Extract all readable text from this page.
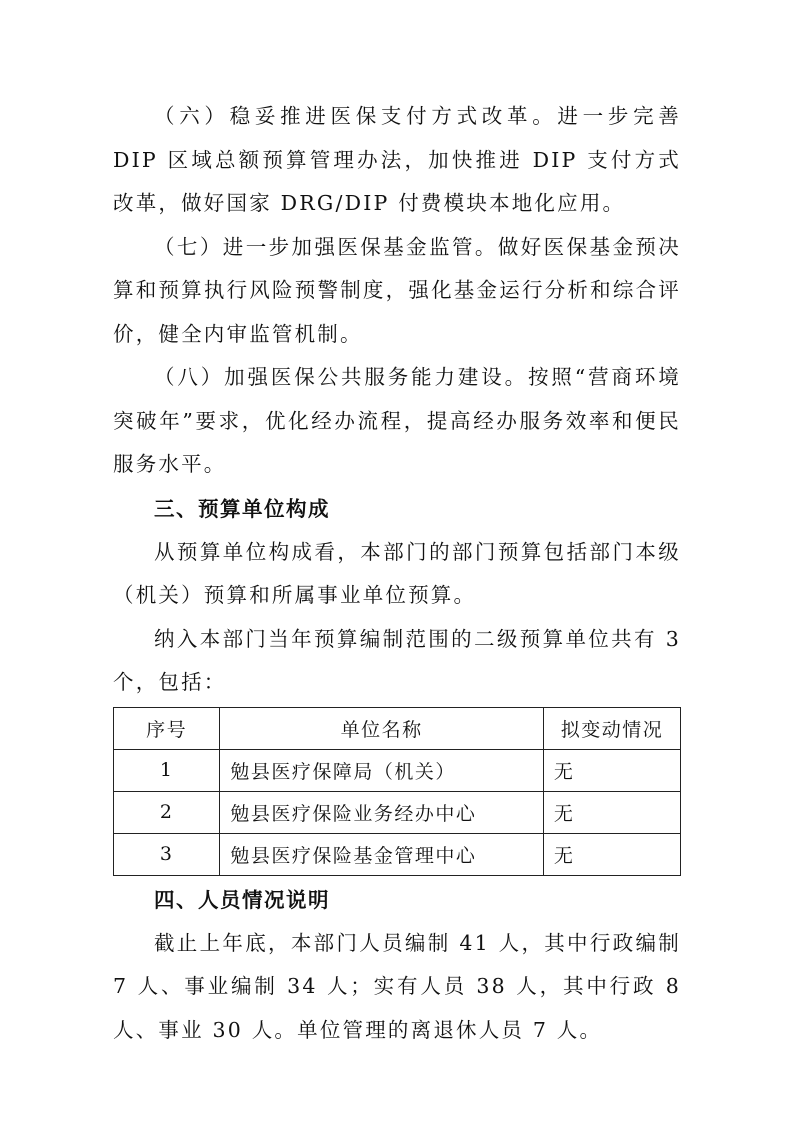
（六）稳妥推进医保支付方式改革。进一步完善 DIP 区域总额预算管理办法，加快推进 DIP 支付方式改革，做好国家 DRG/DIP 付费模块本地化应用。

（七）进一步加强医保基金监管。做好医保基金预决算和预算执行风险预警制度，强化基金运行分析和综合评价，健全内审监管机制。

（八）加强医保公共服务能力建设。按照“营商环境突破年”要求，优化经办流程，提高经办服务效率和便民服务水平。

三、预算单位构成

从预算单位构成看，本部门的部门预算包括部门本级（机关）预算和所属事业单位预算。

纳入本部门当年预算编制范围的二级预算单位共有 3 个，包括：

序号	单位名称	拟变动情况
1	勉县医疗保障局（机关）	无
2	勉县医疗保险业务经办中心	无
3	勉县医疗保险基金管理中心	无
四、人员情况说明

截止上年底，本部门人员编制 41 人，其中行政编制 7 人、事业编制 34 人；实有人员 38 人，其中行政 8 人、事业 30 人。单位管理的离退休人员 7 人。
